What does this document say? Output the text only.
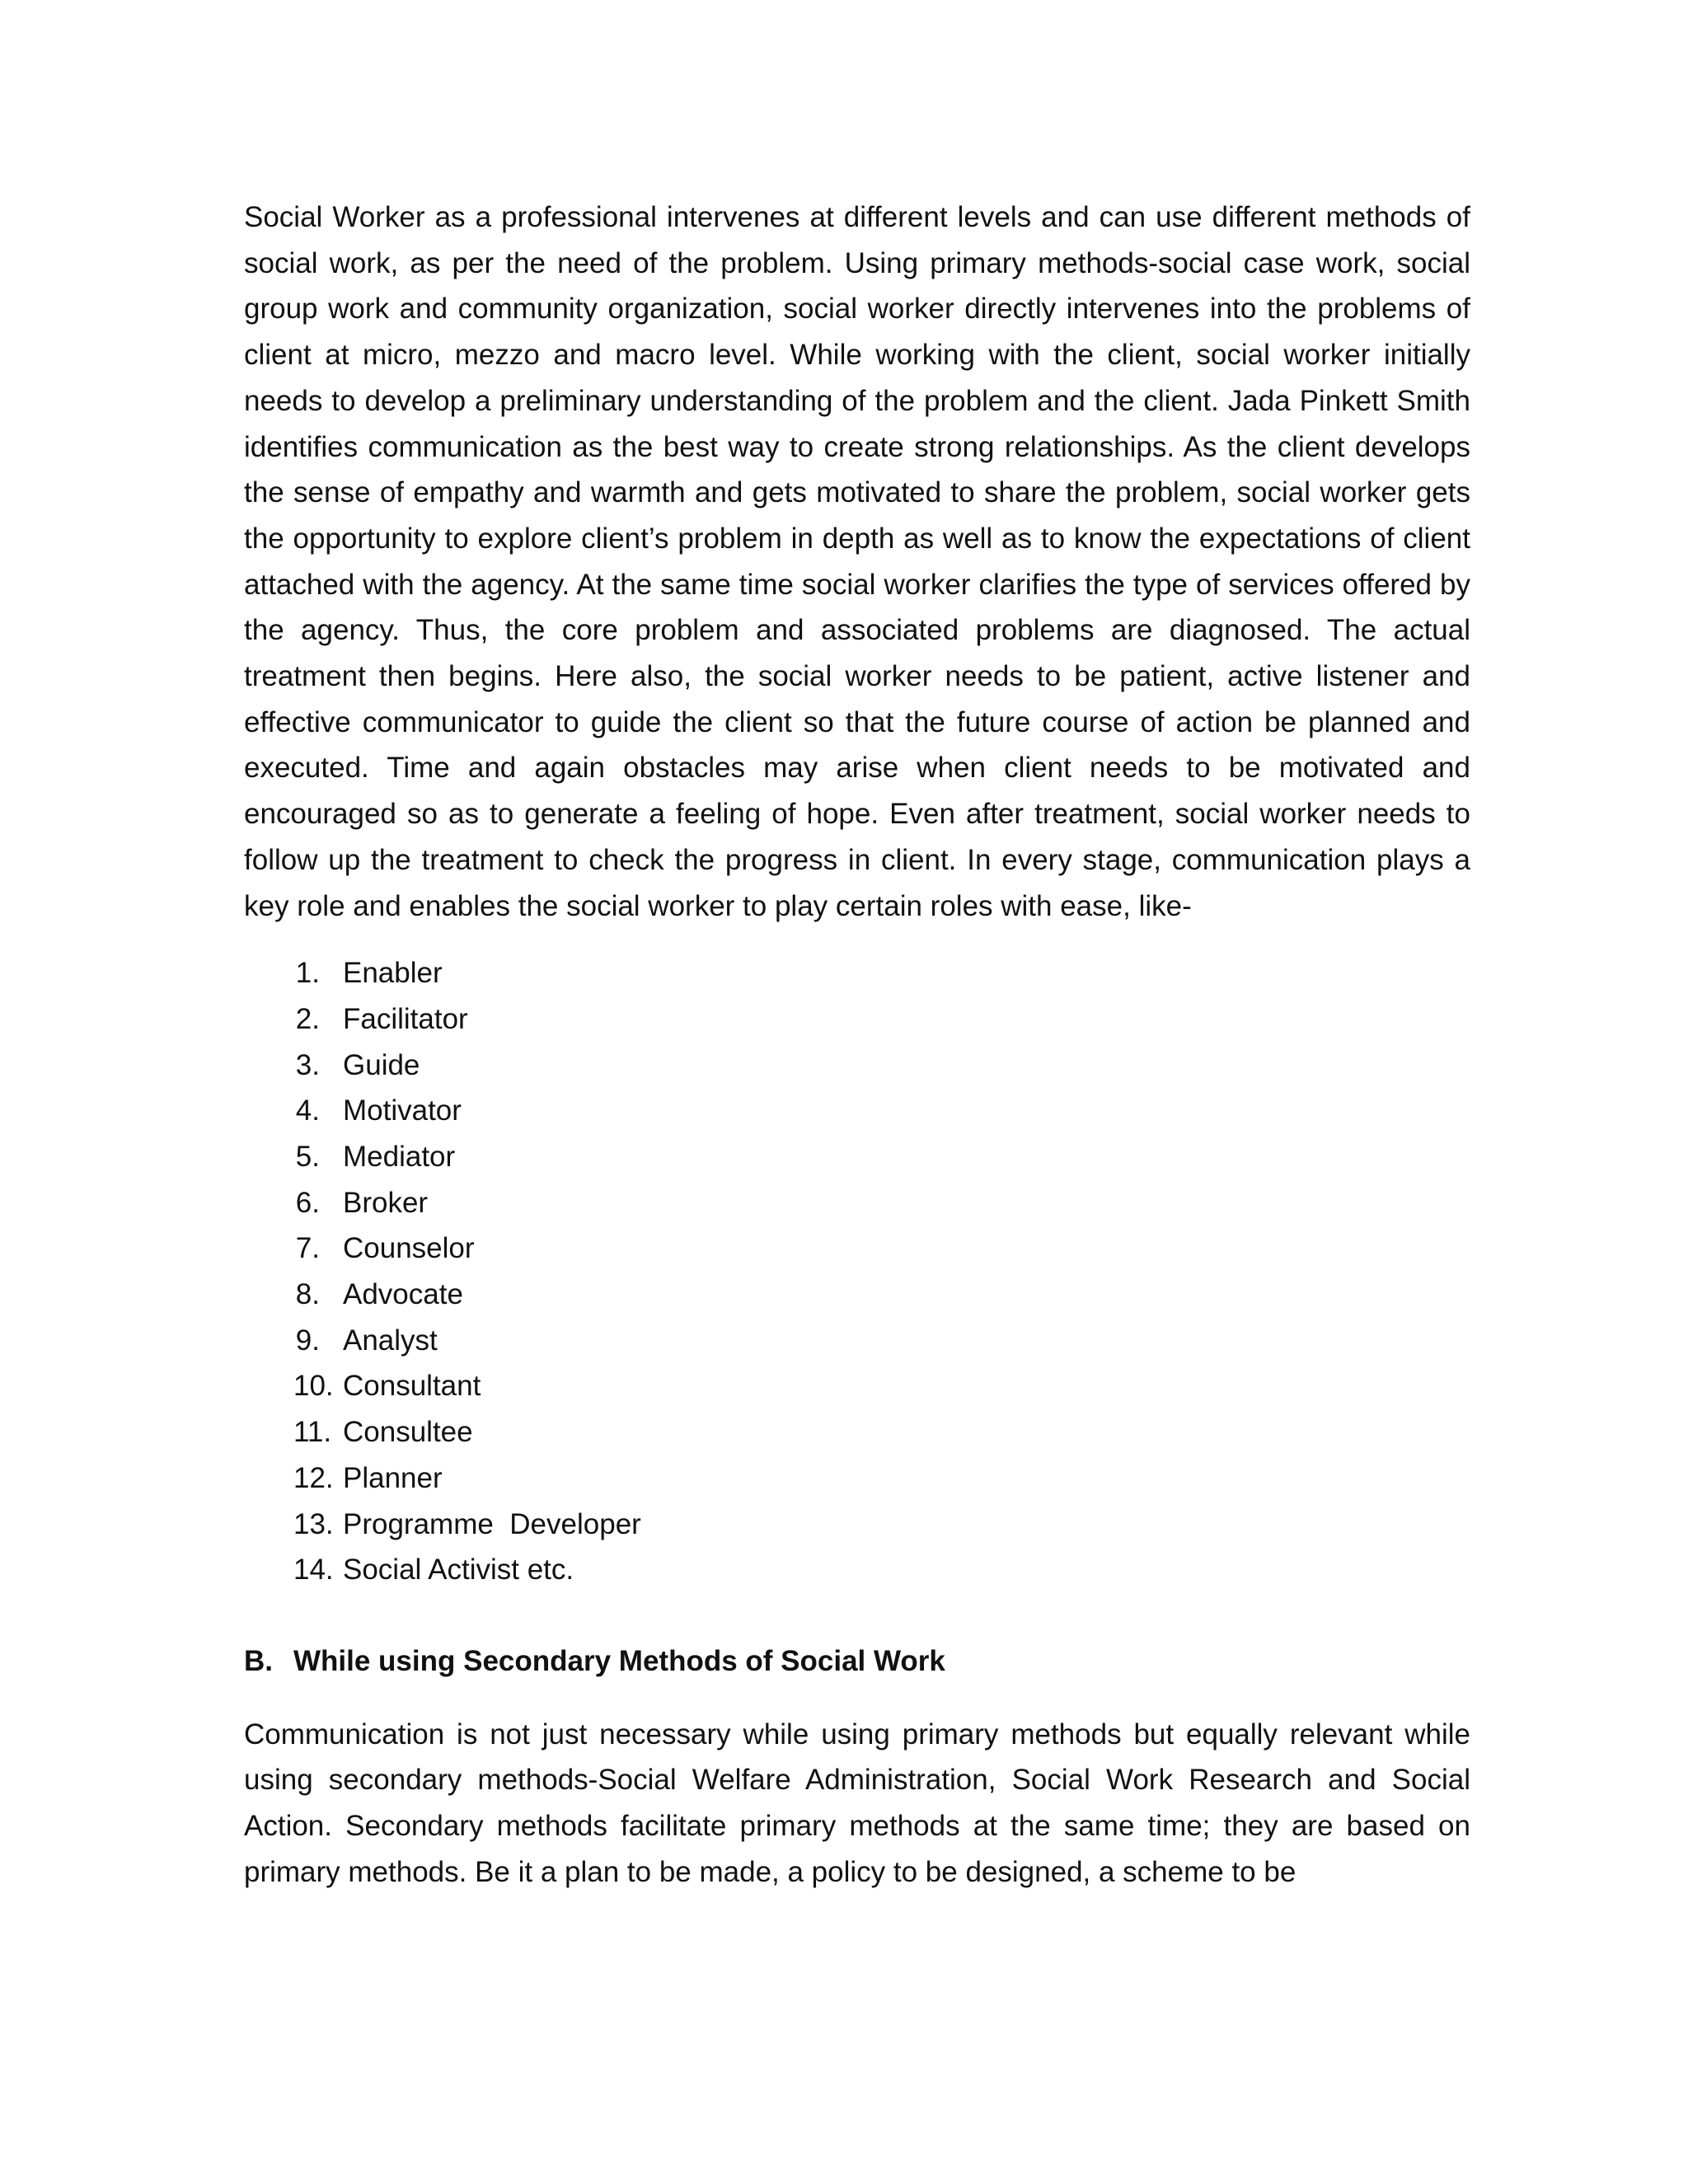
Social Worker as a professional intervenes at different levels and can use different methods of social work, as per the need of the problem. Using primary methods-social case work, social group work and community organization, social worker directly intervenes into the problems of client at micro, mezzo and macro level. While working with the client, social worker initially needs to develop a preliminary understanding of the problem and the client. Jada Pinkett Smith identifies communication as the best way to create strong relationships. As the client develops the sense of empathy and warmth and gets motivated to share the problem, social worker gets the opportunity to explore client’s problem in depth as well as to know the expectations of client attached with the agency. At the same time social worker clarifies the type of services offered by the agency. Thus, the core problem and associated problems are diagnosed. The actual treatment then begins. Here also, the social worker needs to be patient, active listener and effective communicator to guide the client so that the future course of action be planned and executed. Time and again obstacles may arise when client needs to be motivated and encouraged so as to generate a feeling of hope. Even after treatment, social worker needs to follow up the treatment to check the progress in client. In every stage, communication plays a key role and enables the social worker to play certain roles with ease, like-

1. Enabler
2. Facilitator
3. Guide
4. Motivator
5. Mediator
6. Broker
7. Counselor
8. Advocate
9. Analyst
10. Consultant
11. Consultee
12. Planner
13. Programme  Developer
14. Social Activist etc.
B. While using Secondary Methods of Social Work

Communication is not just necessary while using primary methods but equally relevant while using secondary methods-Social Welfare Administration, Social Work Research and Social Action. Secondary methods facilitate primary methods at the same time; they are based on primary methods. Be it a plan to be made, a policy to be designed, a scheme to be
